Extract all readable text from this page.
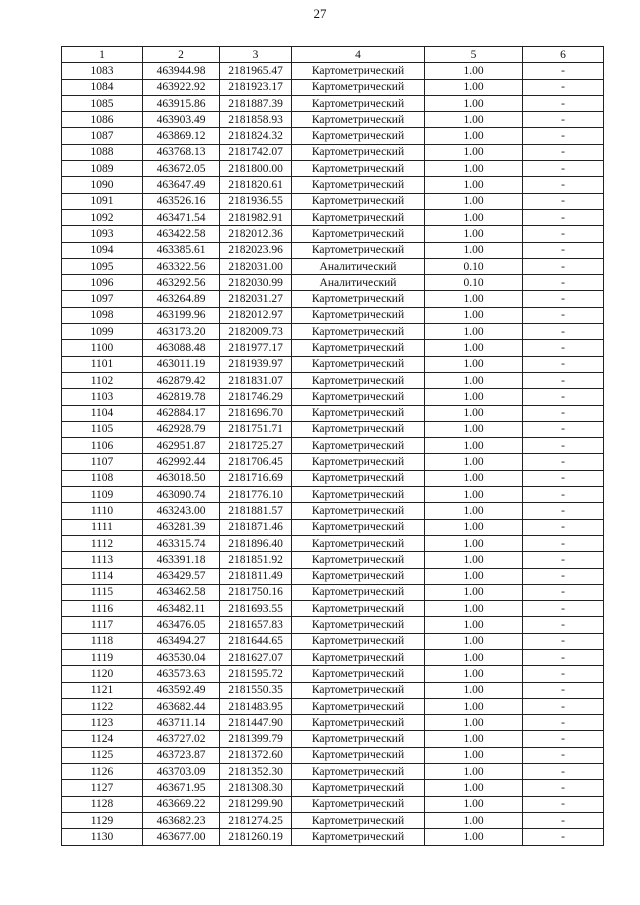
27
1	2	3	4	5	6
1083	463944.98	2181965.47	Картометрический	1.00	-
1084	463922.92	2181923.17	Картометрический	1.00	-
1085	463915.86	2181887.39	Картометрический	1.00	-
1086	463903.49	2181858.93	Картометрический	1.00	-
1087	463869.12	2181824.32	Картометрический	1.00	-
1088	463768.13	2181742.07	Картометрический	1.00	-
1089	463672.05	2181800.00	Картометрический	1.00	-
1090	463647.49	2181820.61	Картометрический	1.00	-
1091	463526.16	2181936.55	Картометрический	1.00	-
1092	463471.54	2181982.91	Картометрический	1.00	-
1093	463422.58	2182012.36	Картометрический	1.00	-
1094	463385.61	2182023.96	Картометрический	1.00	-
1095	463322.56	2182031.00	Аналитический	0.10	-
1096	463292.56	2182030.99	Аналитический	0.10	-
1097	463264.89	2182031.27	Картометрический	1.00	-
1098	463199.96	2182012.97	Картометрический	1.00	-
1099	463173.20	2182009.73	Картометрический	1.00	-
1100	463088.48	2181977.17	Картометрический	1.00	-
1101	463011.19	2181939.97	Картометрический	1.00	-
1102	462879.42	2181831.07	Картометрический	1.00	-
1103	462819.78	2181746.29	Картометрический	1.00	-
1104	462884.17	2181696.70	Картометрический	1.00	-
1105	462928.79	2181751.71	Картометрический	1.00	-
1106	462951.87	2181725.27	Картометрический	1.00	-
1107	462992.44	2181706.45	Картометрический	1.00	-
1108	463018.50	2181716.69	Картометрический	1.00	-
1109	463090.74	2181776.10	Картометрический	1.00	-
1110	463243.00	2181881.57	Картометрический	1.00	-
1111	463281.39	2181871.46	Картометрический	1.00	-
1112	463315.74	2181896.40	Картометрический	1.00	-
1113	463391.18	2181851.92	Картометрический	1.00	-
1114	463429.57	2181811.49	Картометрический	1.00	-
1115	463462.58	2181750.16	Картометрический	1.00	-
1116	463482.11	2181693.55	Картометрический	1.00	-
1117	463476.05	2181657.83	Картометрический	1.00	-
1118	463494.27	2181644.65	Картометрический	1.00	-
1119	463530.04	2181627.07	Картометрический	1.00	-
1120	463573.63	2181595.72	Картометрический	1.00	-
1121	463592.49	2181550.35	Картометрический	1.00	-
1122	463682.44	2181483.95	Картометрический	1.00	-
1123	463711.14	2181447.90	Картометрический	1.00	-
1124	463727.02	2181399.79	Картометрический	1.00	-
1125	463723.87	2181372.60	Картометрический	1.00	-
1126	463703.09	2181352.30	Картометрический	1.00	-
1127	463671.95	2181308.30	Картометрический	1.00	-
1128	463669.22	2181299.90	Картометрический	1.00	-
1129	463682.23	2181274.25	Картометрический	1.00	-
1130	463677.00	2181260.19	Картометрический	1.00	-
